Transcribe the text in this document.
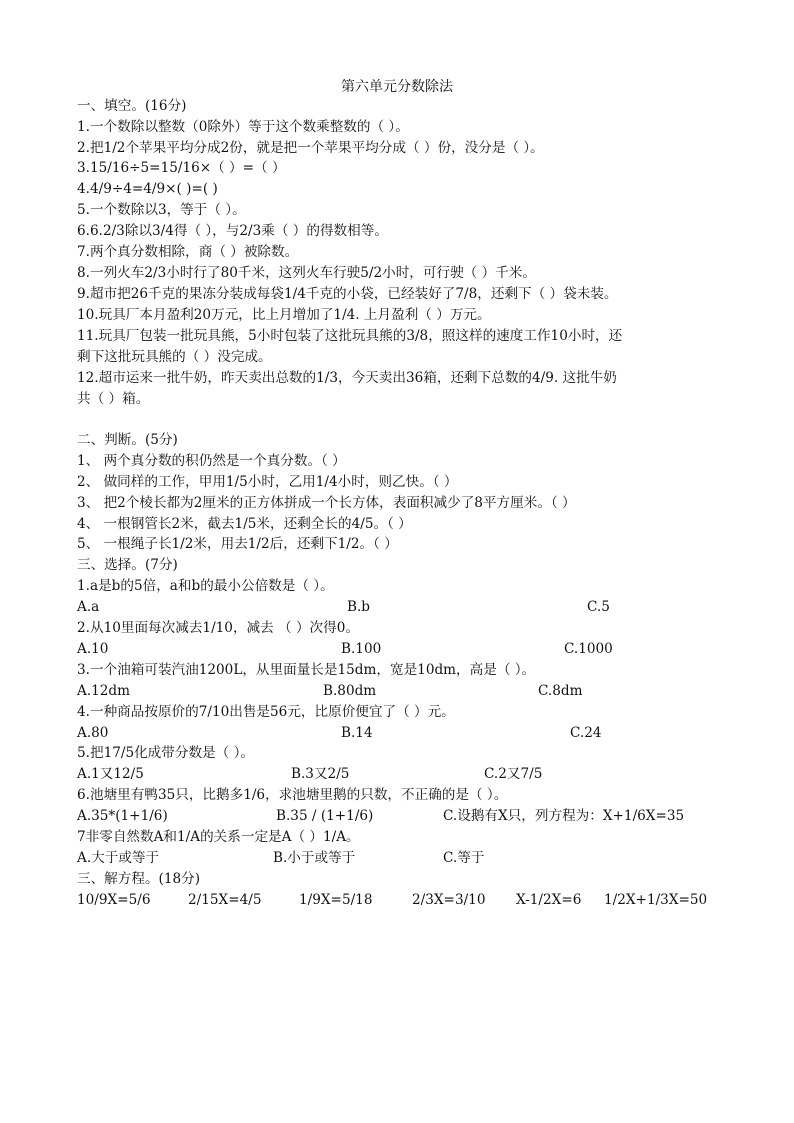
第六单元分数除法
一、填空。(16分)
1.一个数除以整数（0除外）等于这个数乘整数的（ ）。
2.把1/2个苹果平均分成2份，就是把一个苹果平均分成（ ）份，没分是（ ）。
3.15/16÷5=15/16×（ ）=（ ）
4.4/9÷4=4/9×( )=( )
5.一个数除以3，等于（ ）。
6.6.2/3除以3/4得（ ），与2/3乘（ ）的得数相等。
7.两个真分数相除，商（ ）被除数。
8.一列火车2/3小时行了80千米，这列火车行驶5/2小时，可行驶（ ）千米。
9.超市把26千克的果冻分装成每袋1/4千克的小袋，已经装好了7/8，还剩下（ ）袋未装。
10.玩具厂本月盈利20万元，比上月增加了1/4. 上月盈利（ ）万元。
11.玩具厂包装一批玩具熊，5小时包装了这批玩具熊的3/8，照这样的速度工作10小时，还
剩下这批玩具熊的（ ）没完成。
12.超市运来一批牛奶，昨天卖出总数的1/3，今天卖出36箱，还剩下总数的4/9. 这批牛奶
共（ ）箱。
二、判断。(5分)
1、 两个真分数的积仍然是一个真分数。（ ）
2、 做同样的工作，甲用1/5小时，乙用1/4小时，则乙快。（ ）
3、 把2个棱长都为2厘米的正方体拼成一个长方体，表面积减少了8平方厘米。（ ）
4、 一根钢管长2米，截去1/5米，还剩全长的4/5。（ ）
5、 一根绳子长1/2米，用去1/2后，还剩下1/2。（ ）
三、选择。(7分)
1.a是b的5倍，a和b的最小公倍数是（ ）。
A.a	B.b	C.5
2.从10里面每次减去1/10，减去 （ ）次得0。
A.10	B.100	C.1000
3.一个油箱可装汽油1200L，从里面量长是15dm，宽是10dm，高是（ ）。
A.12dm	B.80dm	C.8dm
4.一种商品按原价的7/10出售是56元，比原价便宜了（ ）元。
A.80	B.14	C.24
5.把17/5化成带分数是（ ）。
A.1又12/5	B.3又2/5	C.2又7/5
6.池塘里有鸭35只，比鹅多1/6，求池塘里鹅的只数，不正确的是（ ）。
A.35*(1+1/6)	B.35 / (1+1/6)	C.设鹅有X只，列方程为：X+1/6X=35
7非零自然数A和1/A的关系一定是A（ ）1/A。
A.大于或等于	B.小于或等于	C.等于
三、解方程。(18分)
10/9X=5/6	2/15X=4/5	1/9X=5/18	2/3X=3/10 X-1/2X=6 1/2X+1/3X=50
